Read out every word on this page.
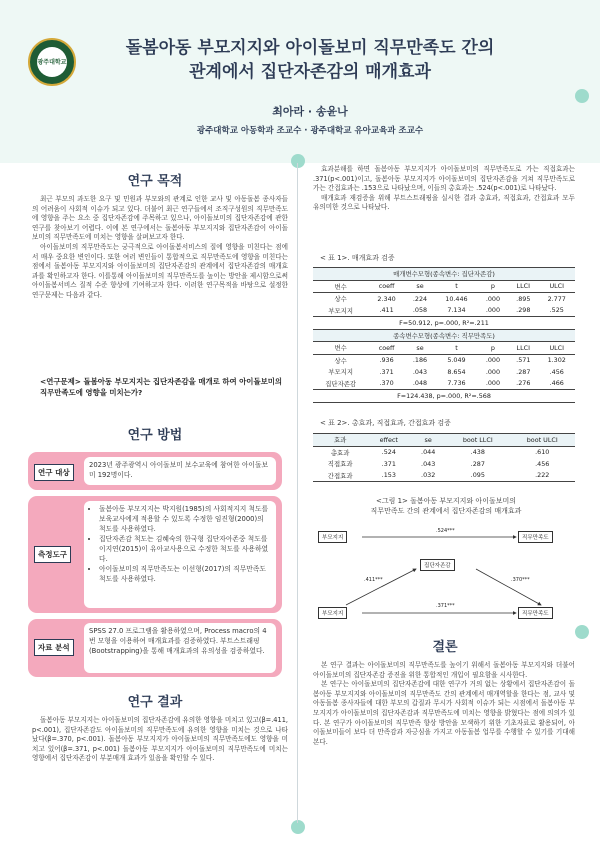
광주대학교
돌봄아동 부모지지와 아이돌보미 직무만족도 간의
관계에서 집단자존감의 매개효과
최아라 · 송윤나
광주대학교 아동학과 조교수 · 광주대학교 유아교육과 조교수
연구 목적

최근 부모의 과도한 요구 및 민원과 부모와의 관계로 인한 교사 및 아동돌봄 종사자들의 어려움이 사회적 이슈가 되고 있다. 더불어 최근 연구들에서 조직구성원의 직무만족도에 영향을 주는 요소 중 집단자존감에 주목하고 있으나, 아이돌보미의 집단자존감에 관한 연구를 찾아보기 어렵다. 이에 본 연구에서는 돌봄아동 부모지지와 집단자존감이 아이돌보미의 직무만족도에 미치는 영향을 살펴보고자 한다.

아이돌보미의 직무만족도는 궁극적으로 아이돌봄서비스의 질에 영향을 미친다는 점에서 매우 중요한 변인이다. 또한 여러 변인들이 통합적으로 직무만족도에 영향을 미친다는 점에서 돌봄아동 부모지지와 아이돌보미의 집단자존감의 관계에서 집단자존감의 매개효과를 확인하고자 한다. 이를통해 아이돌보미의 직무만족도를 높이는 방안을 제시함으로써 아이돌봄서비스 질적 수준 향상에 기여하고자 한다. 이러한 연구목적을 바탕으로 설정한 연구문제는 다음과 같다.

<연구문제> 돌봄아동 부모지지는 집단자존감을 매개로 하여 아이돌보미의 직무만족도에 영향을 미치는가?
연구 방법
연구 대상
2023년 광주광역시 아이돌보미 보수교육에 참여한 아이돌보미 192명이다.
측정도구
• 돌봄아동 부모지지는 박지원(1985)의 사회적지지 척도를 보육교사에게 적용할 수 있도록 수정한 임진형(2000)의 척도를 사용하였다.
• 집단자존감 척도는 김혜숙의 한국형 집단자아존중 척도를 이지연(2015)이 유아교사용으로 수정한 척도를 사용하였다.
• 아이돌보미의 직무만족도는 이선형(2017)의 직무만족도 척도를 사용하였다.
자료 분석
SPSS 27.0 프로그램을 활용하였으며, Process macro의 4번 모형을 이용하여 매개효과를 검증하였다. 부트스트래핑(Bootstrapping)을 통해 매개효과의 유의성을 검증하였다.
연구 결과

돌봄아동 부모지지는 아이돌보미의 집단자존감에 유의한 영향을 미치고 있고(β=.411, p<.001), 집단자존감도 아이돌보미의 직무만족도에 유의한 영향을 미치는 것으로 나타났다(β=.370, p<.001). 돌봄아동 부모지지가 아이돌보미의 직무만족도에도 영향을 미치고 있어(β=.371, p<.001) 돌봄아동 부모지지가 아이돌보미의 직무만족도에 미치는 영향에서 집단자존감이 부분매개 효과가 있음을 확인할 수 있다.

효과분해를 하면 돌봄아동 부모지지가 아이돌보미의 직무만족도로 가는 직접효과는 .371(p<.001)이고, 돌봄아동 부모지지가 아이돌보미의 집단자존감을 거쳐 직무만족도로 가는 간접효과는 .153으로 나타났으며, 이들의 총효과는 .524(p<.001)로 나타났다.

매개효과 재검증을 위해 부트스트래핑을 실시한 결과 총효과, 직접효과, 간접효과 모두 유의미한 것으로 나타났다.

< 표 1>. 매개효과 검증
매개변수모형(종속변수: 집단자존감)						
변수	coeff	se	t	p	LLCI	ULCI
상수	2.340	.224	10.446	.000	.895	2.777
부모지지	.411	.058	7.134	.000	.298	.525
F=50.912, p=.000, R²=.211						
종속변수모형(종속변수: 직무만족도)						
변수	coeff	se	t	p	LLCI	ULCI
상수	.936	.186	5.049	.000	.571	1.302
부모지지	.371	.043	8.654	.000	.287	.456
집단자존감	.370	.048	7.736	.000	.276	.466
F=124.438, p=.000, R²=.568						
< 표 2>. 총효과, 직접효과, 간접효과 검증
효과	effect	se	boot LLCI	boot ULCI
총효과	.524	.044	.438	.610
직접효과	.371	.043	.287	.456
간접효과	.153	.032	.095	.222
<그림 1> 돌봄아동 부모지지와 아이돌보미의
직무만족도 간의 관계에서 집단자존감의 매개효과
부모지지	직무만족도
집단자존감
부모지지	직무만족도
.524***
.411***	.370***
.371***
결론

본 연구 결과는 아이돌보미의 직무만족도를 높이기 위해서 돌봄아동 부모지지와 더불어 아이돌보미의 집단자존감 증진을 위한 통합적인 개입이 필요함을 시사한다.

본 연구는 아이돌보미의 집단자존감에 대한 연구가 거의 없는 상황에서 집단자존감이 돌봄아동 부모지지와 아이돌보미의 직무만족도 간의 관계에서 매개역할을 한다는 점, 교사 및 아동돌봄 종사자들에 대한 부모의 갑질과 무시가 사회적 이슈가 되는 시점에서 돌봄아동 부모지지가 아이돌보미의 집단자존감과 직무만족도에 미치는 영향을 밝혔다는 점에 의의가 있다. 본 연구가 아이돌보미의 직무만족 향상 방안을 모색하기 위한 기초자료로 활용되어, 아이돌보미들이 보다 더 만족감과 자긍심을 가지고 아동돌봄 업무를 수행할 수 있기를 기대해본다.
